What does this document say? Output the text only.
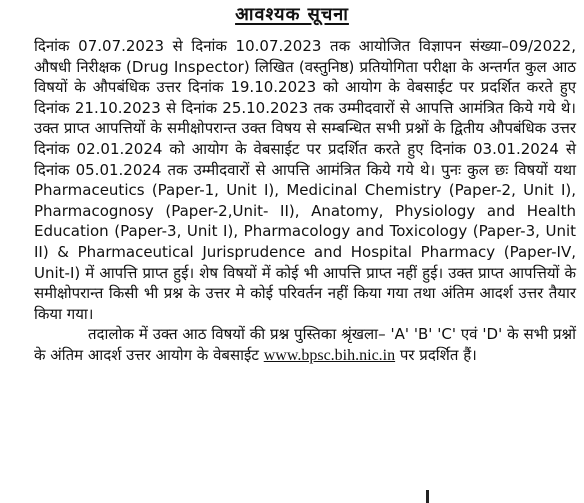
आवश्यक सूचना

दिनांक 07.07.2023 से दिनांक 10.07.2023 तक आयोजित विज्ञापन संख्या–09/2022, औषधी निरीक्षक (Drug Inspector) लिखित (वस्तुनिष्ठ) प्रतियोगिता परीक्षा के अन्तर्गत कुल आठ विषयों के औपबंधिक उत्तर दिनांक 19.10.2023 को आयोग के वेबसाईट पर प्रदर्शित करते हुए दिनांक 21.10.2023 से दिनांक 25.10.2023 तक उम्मीदवारों से आपत्ति आमंत्रित किये गये थे। उक्त प्राप्त आपत्तियों के समीक्षोपरान्त उक्त विषय से सम्बन्धित सभी प्रश्नों के द्वितीय औपबंधिक उत्तर दिनांक 02.01.2024 को आयोग के वेबसाईट पर प्रदर्शित करते हुए दिनांक 03.01.2024 से दिनांक 05.01.2024 तक उम्मीदवारों से आपत्ति आमंत्रित किये गये थे। पुनः कुल छः विषयों यथा Pharmaceutics (Paper-1, Unit I), Medicinal Chemistry (Paper-2, Unit I), Pharmacognosy (Paper-2,Unit- II), Anatomy, Physiology and Health Education (Paper-3, Unit I), Pharmacology and Toxicology (Paper-3, Unit II) & Pharmaceutical Jurisprudence and Hospital Pharmacy (Paper-IV, Unit-I) में आपत्ति प्राप्त हुई। शेष विषयों में कोई भी आपत्ति प्राप्त नहीं हुई। उक्त प्राप्त आपत्तियों के समीक्षोपरान्त किसी भी प्रश्न के उत्तर मे कोई परिवर्तन नहीं किया गया तथा अंतिम आदर्श उत्तर तैयार किया गया।

तदालोक में उक्त आठ विषयों की प्रश्न पुस्तिका श्रृंखला– 'A' 'B' 'C' एवं 'D' के सभी प्रश्नों के अंतिम आदर्श उत्तर आयोग के वेबसाईट www.bpsc.bih.nic.in पर प्रदर्शित हैं।
